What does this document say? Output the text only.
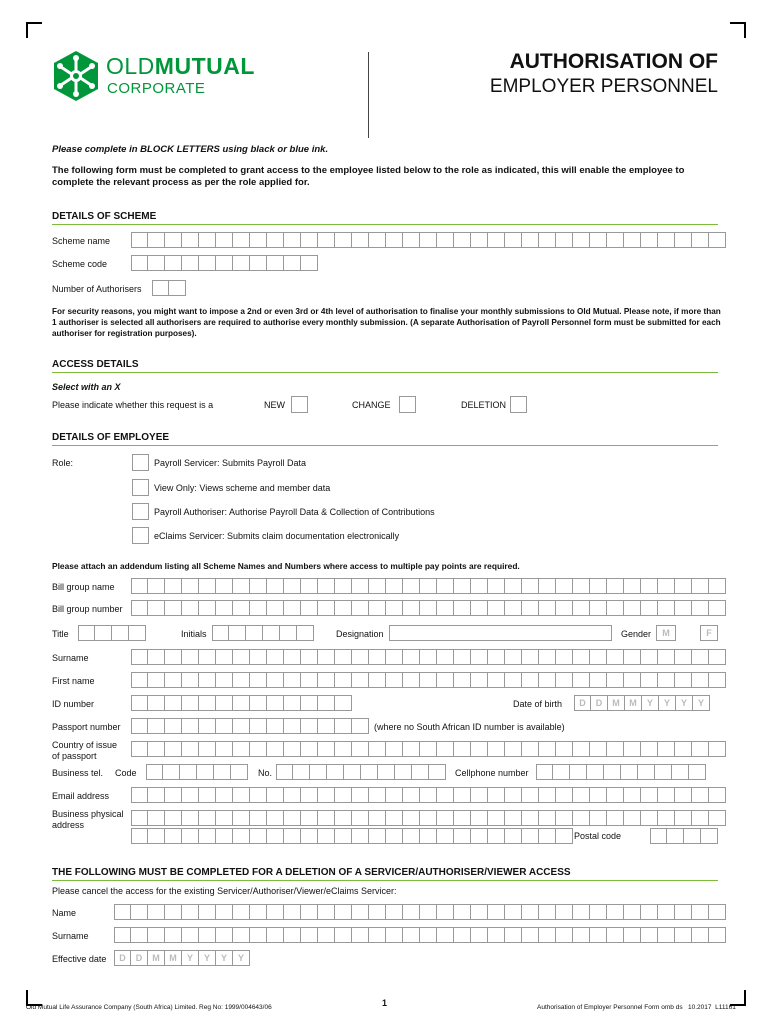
OLDMUTUAL
CORPORATE
AUTHORISATION OF
EMPLOYER PERSONNEL
Please complete in BLOCK LETTERS using black or blue ink.
The following form must be completed to grant access to the employee listed below to the role as indicated, this will enable the employee to complete the relevant process as per the role applied for.
DETAILS OF SCHEME
Scheme name
Scheme code
Number of Authorisers
For security reasons, you might want to impose a 2nd or even 3rd or 4th level of authorisation to finalise your monthly submissions to Old Mutual. Please note, if more than 1 authoriser is selected all authorisers are required to authorise every monthly submission. (A separate Authorisation of Payroll Personnel form must be submitted for each authoriser for registration purposes).
ACCESS DETAILS
Select with an X
Please indicate whether this request is a	NEW	CHANGE	DELETION
DETAILS OF EMPLOYEE
Role:	Payroll Servicer: Submits Payroll Data
View Only: Views scheme and member data
Payroll Authoriser: Authorise Payroll Data & Collection of Contributions
eClaims Servicer: Submits claim documentation electronically
Please attach an addendum listing all Scheme Names and Numbers where access to multiple pay points are required.
Bill group name
Bill group number
Title	Initials	Designation	Gender	M	F
Surname
First name
ID number	Date of birth	D	D	M	M	Y	Y	Y	Y
Passport number	(where no South African ID number is available)
Country of issue
of passport
Business tel. Code	No.	Cellphone number
Email address
Business physical
address
Postal code
THE FOLLOWING MUST BE COMPLETED FOR A DELETION OF A SERVICER/AUTHORISER/VIEWER ACCESS
Please cancel the access for the existing Servicer/Authoriser/Viewer/eClaims Servicer:
Name
Surname
Effective date	D	D	M	M	Y	Y	Y	Y
Old Mutual Life Assurance Company (South Africa) Limited. Reg No: 1999/004643/06	1	Authorisation of Employer Personnel Form omb ds   10.2017  L11161
